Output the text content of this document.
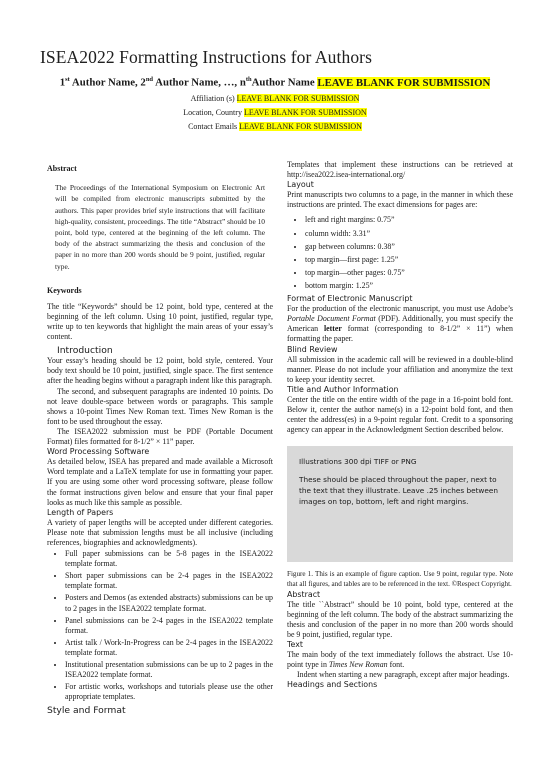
ISEA2022 Formatting Instructions for Authors
1st Author Name, 2nd Author Name, …, $n^{th}Author$ Name LEAVE BLANK FOR SUBMISSION
Affiliation (s) LEAVE BLANK FOR SUBMISSION
Location, Country LEAVE BLANK FOR SUBMISSION
Contact Emails LEAVE BLANK FOR SUBMISSION

Abstract

The Proceedings of the International Symposium on Electronic Art will be compiled from electronic manuscripts submitted by the authors. This paper provides brief style instructions that will facilitate high-quality, consistent, proceedings. The title “Abstract” should be 10 point, bold type, centered at the beginning of the left column. The body of the abstract summarizing the thesis and conclusion of the paper in no more than 200 words should be 9 point, justified, regular type.

Keywords

The title “Keywords” should be 12 point, bold type, centered at the beginning of the left column. Using 10 point, justified, regular type, write up to ten keywords that highlight the main areas of your essay’s content.

Introduction

Your essay’s heading should be 12 point, bold style, centered. Your body text should be 10 point, justified, single space. The first sentence after the heading begins without a paragraph indent like this paragraph.

The second, and subsequent paragraphs are indented 10 points. Do not leave double-space between words or paragraphs. This sample shows a 10-point Times New Roman text. Times New Roman is the font to be used throughout the essay.

The ISEA2022 submission must be PDF (Portable Document Format) files formatted for 8-1/2” × 11” paper.

Word Processing Software

As detailed below, ISEA has prepared and made available a Microsoft Word template and a LaTeX template for use in formatting your paper. If you are using some other word processing software, please follow the format instructions given below and ensure that your final paper looks as much like this sample as possible.

Length of Papers

A variety of paper lengths will be accepted under different categories. Please note that submission lengths must be all inclusive (including references, biographies and acknowledgments).

• Full paper submissions can be 5-8 pages in the ISEA2022 template format.
• Short paper submissions can be 2-4 pages in the ISEA2022 template format.
• Posters and Demos (as extended abstracts) submissions can be up to 2 pages in the ISEA2022 template format.
• Panel submissions can be 2-4 pages in the ISEA2022 template format.
• Artist talk / Work-In-Progress can be 2-4 pages in the ISEA2022 template format.
• Institutional presentation submissions can be up to 2 pages in the ISEA2022 template format.
• For artistic works, workshops and tutorials please use the other appropriate templates.

Style and Format

Templates that implement these instructions can be retrieved at http://isea2022.isea-international.org/

Layout

Print manuscripts two columns to a page, in the manner in which these instructions are printed. The exact dimensions for pages are:

• left and right margins: 0.75”
• column width: 3.31”
• gap between columns: 0.38”
• top margin—first page: 1.25”
• top margin—other pages: 0.75”
• bottom margin: 1.25”

Format of Electronic Manuscript

For the production of the electronic manuscript, you must use Adobe’s Portable Document Format (PDF). Additionally, you must specify the American letter format (corresponding to 8-1/2” × 11”) when formatting the paper.

Blind Review

All submission in the academic call will be reviewed in a double-blind manner. Please do not include your affiliation and anonymize the text to keep your identity secret.

Title and Author Information

Center the title on the entire width of the page in a 16-point bold font. Below it, center the author name(s) in a 12-point bold font, and then center the address(es) in a 9-point regular font. Credit to a sponsoring agency can appear in the Acknowledgment Section described below.

Illustrations 300 dpi TIFF or PNG
These should be placed throughout the paper, next to the text that they illustrate. Leave .25 inches between images on top, bottom, left and right margins.

Figure 1. This is an example of figure caption. Use 9 point, regular type. Note that all figures, and tables are to be referenced in the text. ©Respect Copyright.

Abstract

The title ``Abstract” should be 10 point, bold type, centered at the beginning of the left column. The body of the abstract summarizing the thesis and conclusion of the paper in no more than 200 words should be 9 point, justified, regular type.

Text

The main body of the text immediately follows the abstract. Use 10-point type in Times New Roman font.

Indent when starting a new paragraph, except after major headings.

Headings and Sections
